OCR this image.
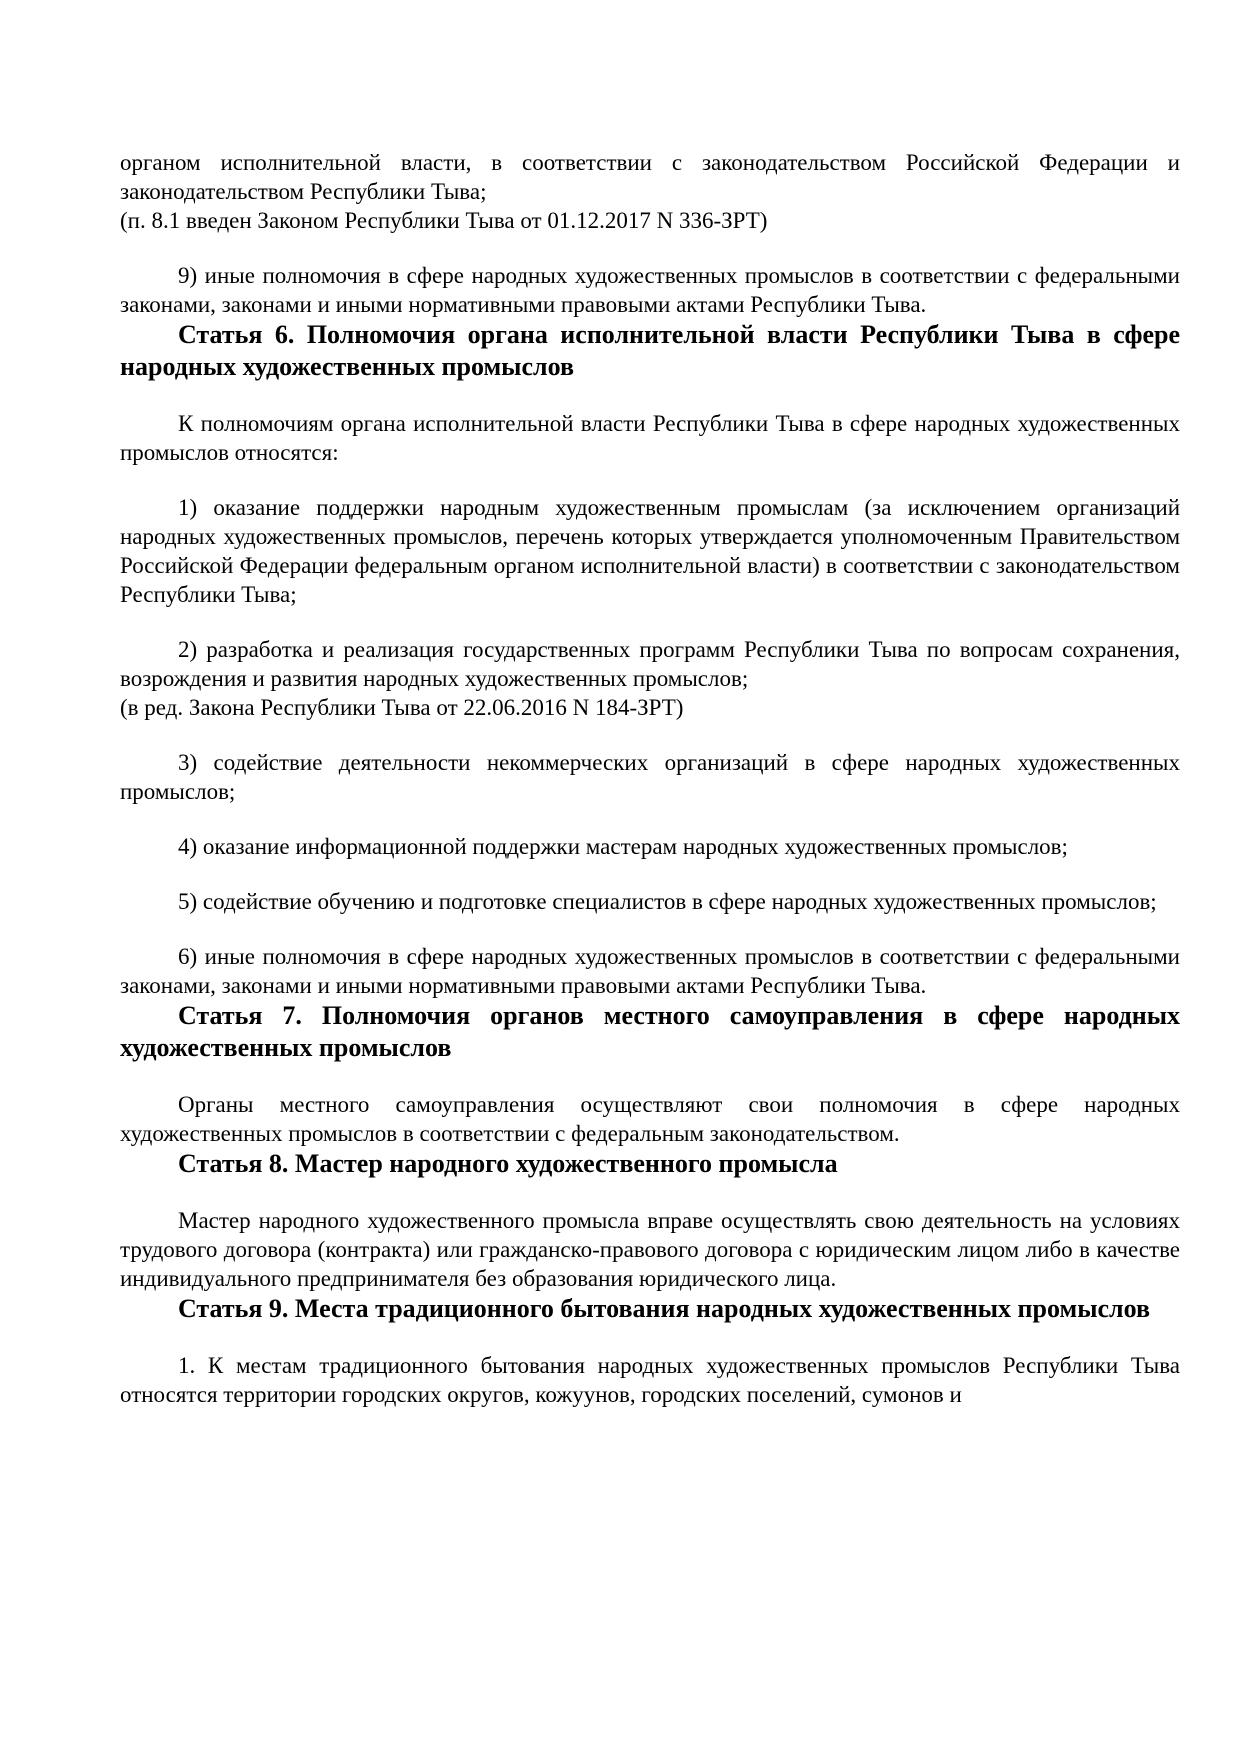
органом исполнительной власти, в соответствии с законодательством Российской Федерации и законодательством Республики Тыва;

(п. 8.1 введен Законом Республики Тыва от 01.12.2017 N 336-ЗРТ)

9) иные полномочия в сфере народных художественных промыслов в соответствии с федеральными законами, законами и иными нормативными правовыми актами Республики Тыва.

Статья 6. Полномочия органа исполнительной власти Республики Тыва в сфере народных художественных промыслов

К полномочиям органа исполнительной власти Республики Тыва в сфере народных художественных промыслов относятся:

1) оказание поддержки народным художественным промыслам (за исключением организаций народных художественных промыслов, перечень которых утверждается уполномоченным Правительством Российской Федерации федеральным органом исполнительной власти) в соответствии с законодательством Республики Тыва;

2) разработка и реализация государственных программ Республики Тыва по вопросам сохранения, возрождения и развития народных художественных промыслов;

(в ред. Закона Республики Тыва от 22.06.2016 N 184-ЗРТ)

3) содействие деятельности некоммерческих организаций в сфере народных художественных промыслов;

4) оказание информационной поддержки мастерам народных художественных промыслов;

5) содействие обучению и подготовке специалистов в сфере народных художественных промыслов;

6) иные полномочия в сфере народных художественных промыслов в соответствии с федеральными законами, законами и иными нормативными правовыми актами Республики Тыва.

Статья 7. Полномочия органов местного самоуправления в сфере народных художественных промыслов

Органы местного самоуправления осуществляют свои полномочия в сфере народных художественных промыслов в соответствии с федеральным законодательством.

Статья 8. Мастер народного художественного промысла

Мастер народного художественного промысла вправе осуществлять свою деятельность на условиях трудового договора (контракта) или гражданско-правового договора с юридическим лицом либо в качестве индивидуального предпринимателя без образования юридического лица.

Статья 9. Места традиционного бытования народных художественных промыслов

1. К местам традиционного бытования народных художественных промыслов Республики Тыва относятся территории городских округов, кожуунов, городских поселений, сумонов и
